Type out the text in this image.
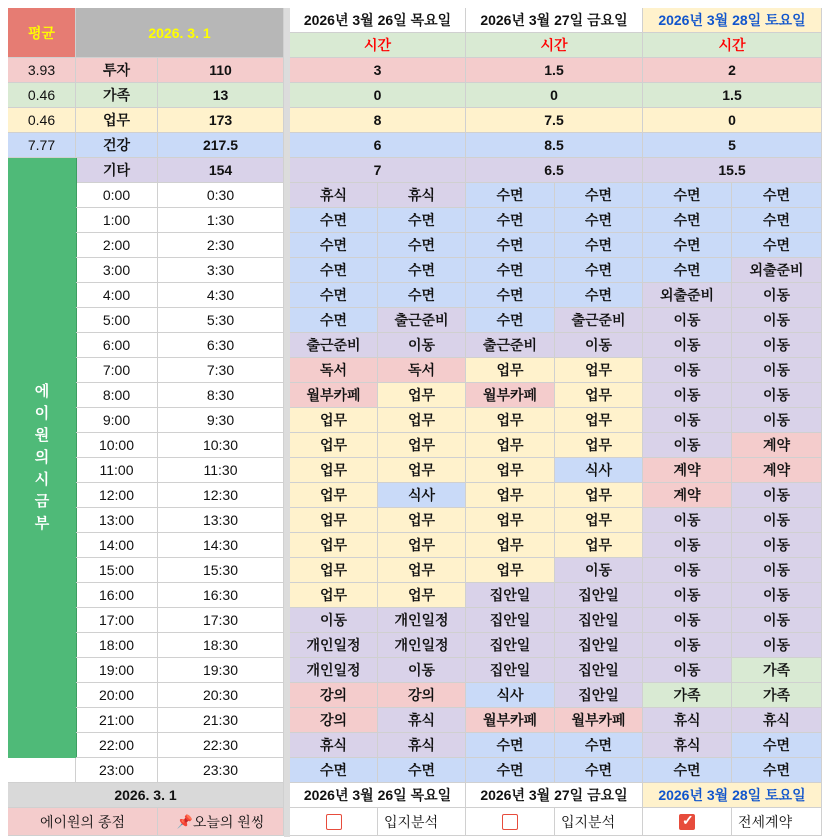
평균	2026. 3. 1
2026년 3월 26일 목요일
시간
2026년 3월 27일 금요일
시간
2026년 3월 28일 토요일
시간
3.93	투자	110	3	1.5	2
0.46	가족	13	0	0	1.5
0.46	업무	173	8	7.5	0
7.77	건강	217.5	6	8.5	5
기타	154	7	6.5	15.5
에이원의 시금부
0:00	0:30	휴식	휴식	수면	수면	수면	수면
1:00	1:30	수면	수면	수면	수면	수면	수면
2:00	2:30	수면	수면	수면	수면	수면	수면
3:00	3:30	수면	수면	수면	수면	수면	외출준비
4:00	4:30	수면	수면	수면	수면	외출준비	이동
5:00	5:30	수면	출근준비	수면	출근준비	이동	이동
6:00	6:30	출근준비	이동	출근준비	이동	이동	이동
7:00	7:30	독서	독서	업무	업무	이동	이동
8:00	8:30	월부카페	업무	월부카페	업무	이동	이동
9:00	9:30	업무	업무	업무	업무	이동	이동
10:00	10:30	업무	업무	업무	업무	이동	계약
11:00	11:30	업무	업무	업무	식사	계약	계약
12:00	12:30	업무	식사	업무	업무	계약	이동
13:00	13:30	업무	업무	업무	업무	이동	이동
14:00	14:30	업무	업무	업무	업무	이동	이동
15:00	15:30	업무	업무	업무	이동	이동	이동
16:00	16:30	업무	업무	집안일	집안일	이동	이동
17:00	17:30	이동	개인일정	집안일	집안일	이동	이동
18:00	18:30	개인일정	개인일정	집안일	집안일	이동	이동
19:00	19:30	개인일정	이동	집안일	집안일	이동	가족
20:00	20:30	강의	강의	식사	집안일	가족	가족
21:00	21:30	강의	휴식	월부카페	월부카페	휴식	휴식
22:00	22:30	휴식	휴식	수면	수면	휴식	수면
23:00	23:30	수면	수면	수면	수면	수면	수면
2026. 3. 1	2026년 3월 26일 목요일	2026년 3월 27일 금요일	2026년 3월 28일 토요일
에이원의 종점	📌 오늘의 원씽	입지분석	입지분석
✓	전세계약
